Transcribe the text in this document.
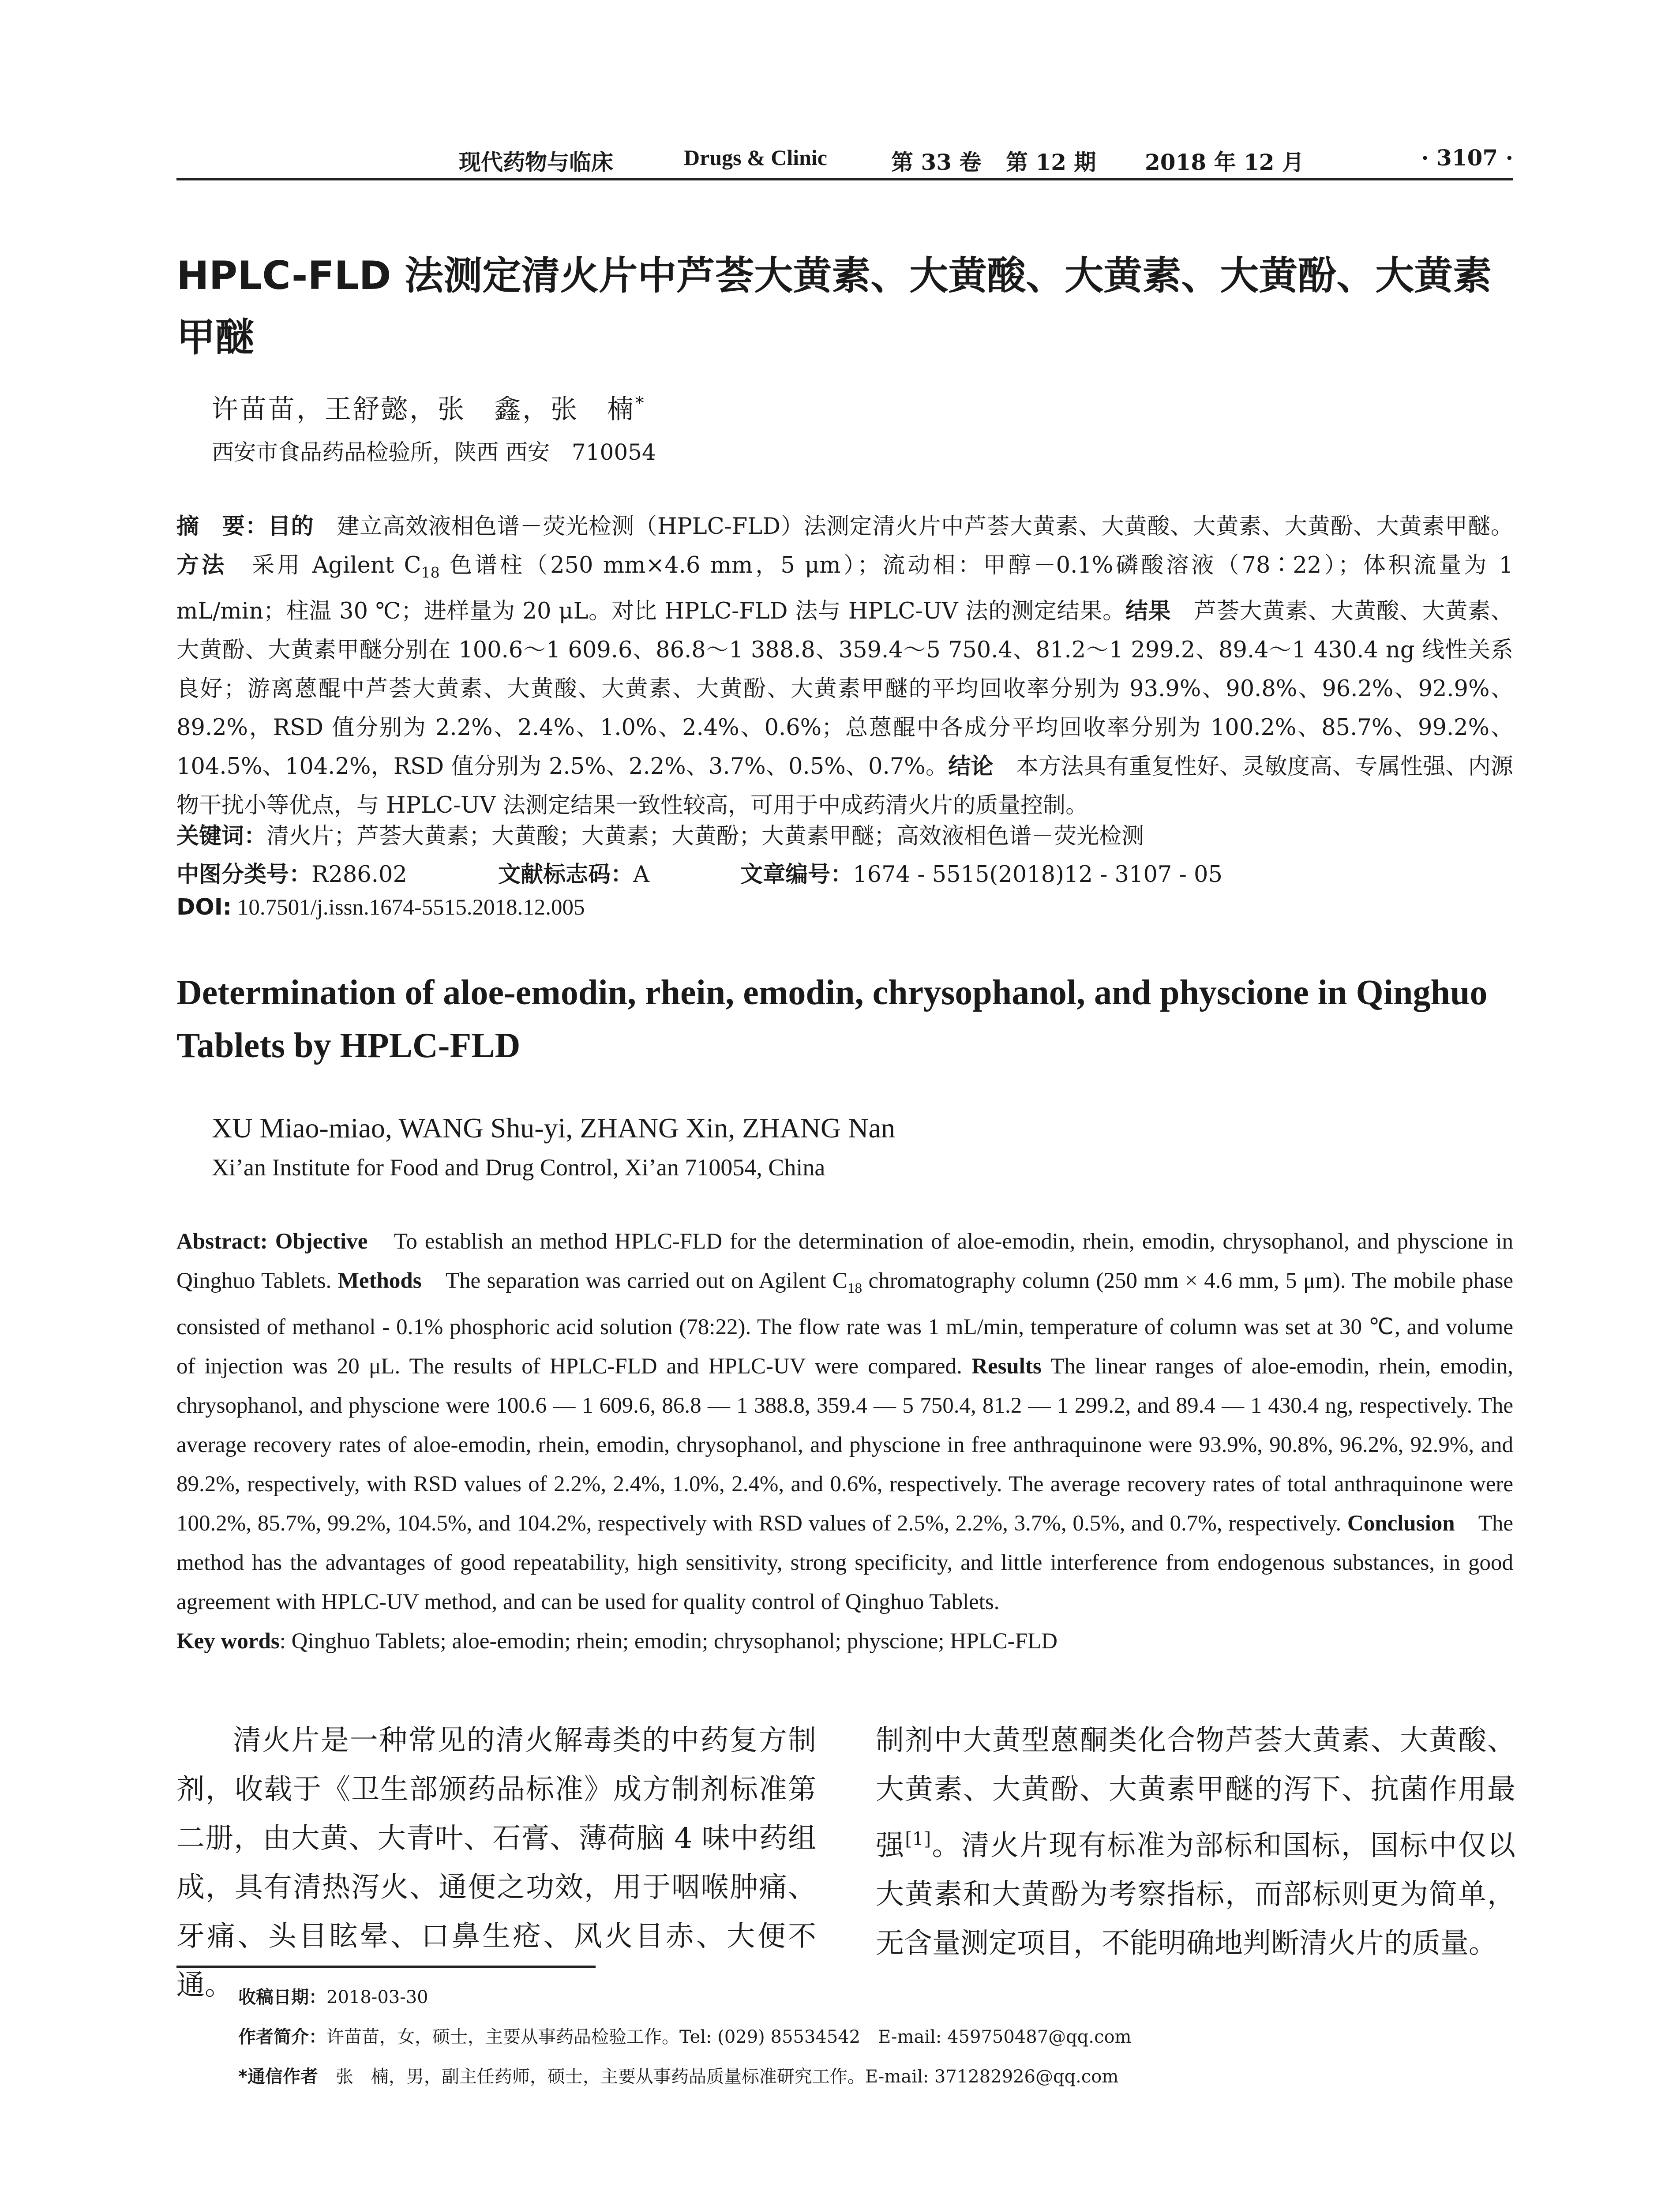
现代药物与临床	Drugs & Clinic	第 33 卷 第 12 期 2018 年 12 月	· 3107 ·
HPLC-FLD 法测定清火片中芦荟大黄素、大黄酸、大黄素、大黄酚、大黄素甲醚
许苗苗，王舒懿，张　鑫，张　楠*
西安市食品药品检验所，陕西 西安　710054
摘　要：目的　 建立高效液相色谱－荧光检测（HPLC-FLD）法测定清火片中芦荟大黄素、大黄酸、大黄素、大黄酚、大黄素甲醚。方法　 采用 Agilent $C_{18}$ 色谱柱（250 mm×4.6 mm，5 μm）；流动相：甲醇－0.1%磷酸溶液（78∶22）；体积流量为 1 mL/min；柱温 30 ℃；进样量为 20 μL。对比 HPLC-FLD 法与 HPLC-UV 法的测定结果。结果　 芦荟大黄素、大黄酸、大黄素、大黄酚、大黄素甲醚分别在 100.6～1 609.6、86.8～1 388.8、359.4～5 750.4、81.2～1 299.2、89.4～1 430.4 ng 线性关系良好；游离蒽醌中芦荟大黄素、大黄酸、大黄素、大黄酚、大黄素甲醚的平均回收率分别为 93.9%、90.8%、96.2%、92.9%、89.2%，RSD 值分别为 2.2%、2.4%、1.0%、2.4%、0.6%；总蒽醌中各成分平均回收率分别为 100.2%、85.7%、99.2%、104.5%、104.2%，RSD 值分别为 2.5%、2.2%、3.7%、0.5%、0.7%。结论　 本方法具有重复性好、灵敏度高、专属性强、内源物干扰小等优点，与 HPLC-UV 法测定结果一致性较高，可用于中成药清火片的质量控制。
关键词：清火片；芦荟大黄素；大黄酸；大黄素；大黄酚；大黄素甲醚；高效液相色谱－荧光检测
中图分类号：R286.02	文献标志码：A	文章编号：1674 - 5515(2018)12 - 3107 - 05
DOI: 10.7501/j.issn.1674-5515.2018.12.005
Determination of aloe-emodin, rhein, emodin, chrysophanol, and physcione in Qinghuo Tablets by HPLC-FLD
XU Miao-miao, WANG Shu-yi, ZHANG Xin, ZHANG Nan
Xi’an Institute for Food and Drug Control, Xi’an 710054, China
Abstract: Objective　 To establish an method HPLC-FLD for the determination of aloe-emodin, rhein, emodin, chrysophanol, and physcione in Qinghuo Tablets. Methods　 The separation was carried out on Agilent $C_{18}$ chromatography column (250 mm × 4.6 mm, 5 μm). The mobile phase consisted of methanol - 0.1% phosphoric acid solution (78:22). The flow rate was 1 mL/min, temperature of column was set at 30 ℃, and volume of injection was 20 μL. The results of HPLC-FLD and HPLC-UV were compared. Results The linear ranges of aloe-emodin, rhein, emodin, chrysophanol, and physcione were 100.6 — 1 609.6, 86.8 — 1 388.8, 359.4 — 5 750.4, 81.2 — 1 299.2, and 89.4 — 1 430.4 ng, respectively. The average recovery rates of aloe-emodin, rhein, emodin, chrysophanol, and physcione in free anthraquinone were 93.9%, 90.8%, 96.2%, 92.9%, and 89.2%, respectively, with RSD values of 2.2%, 2.4%, 1.0%, 2.4%, and 0.6%, respectively. The average recovery rates of total anthraquinone were 100.2%, 85.7%, 99.2%, 104.5%, and 104.2%, respectively with RSD values of 2.5%, 2.2%, 3.7%, 0.5%, and 0.7%, respectively. Conclusion　 The method has the advantages of good repeatability, high sensitivity, strong specificity, and little interference from endogenous substances, in good agreement with HPLC-UV method, and can be used for quality control of Qinghuo Tablets.
Key words: Qinghuo Tablets; aloe-emodin; rhein; emodin; chrysophanol; physcione; HPLC-FLD
清火片是一种常见的清火解毒类的中药复方制剂，收载于《卫生部颁药品标准》成方制剂标准第二册，由大黄、大青叶、石膏、薄荷脑 4 味中药组成，具有清热泻火、通便之功效，用于咽喉肿痛、牙痛、头目眩晕、口鼻生疮、风火目赤、大便不通。
制剂中大黄型蒽酮类化合物芦荟大黄素、大黄酸、大黄素、大黄酚、大黄素甲醚的泻下、抗菌作用最强[1]。清火片现有标准为部标和国标，国标中仅以大黄素和大黄酚为考察指标，而部标则更为简单，无含量测定项目，不能明确地判断清火片的质量。
收稿日期：2018-03-30
作者简介：许苗苗，女，硕士，主要从事药品检验工作。Tel: (029) 85534542　E-mail: 459750487@qq.com
*通信作者　张　楠，男，副主任药师，硕士，主要从事药品质量标准研究工作。E-mail: 371282926@qq.com
